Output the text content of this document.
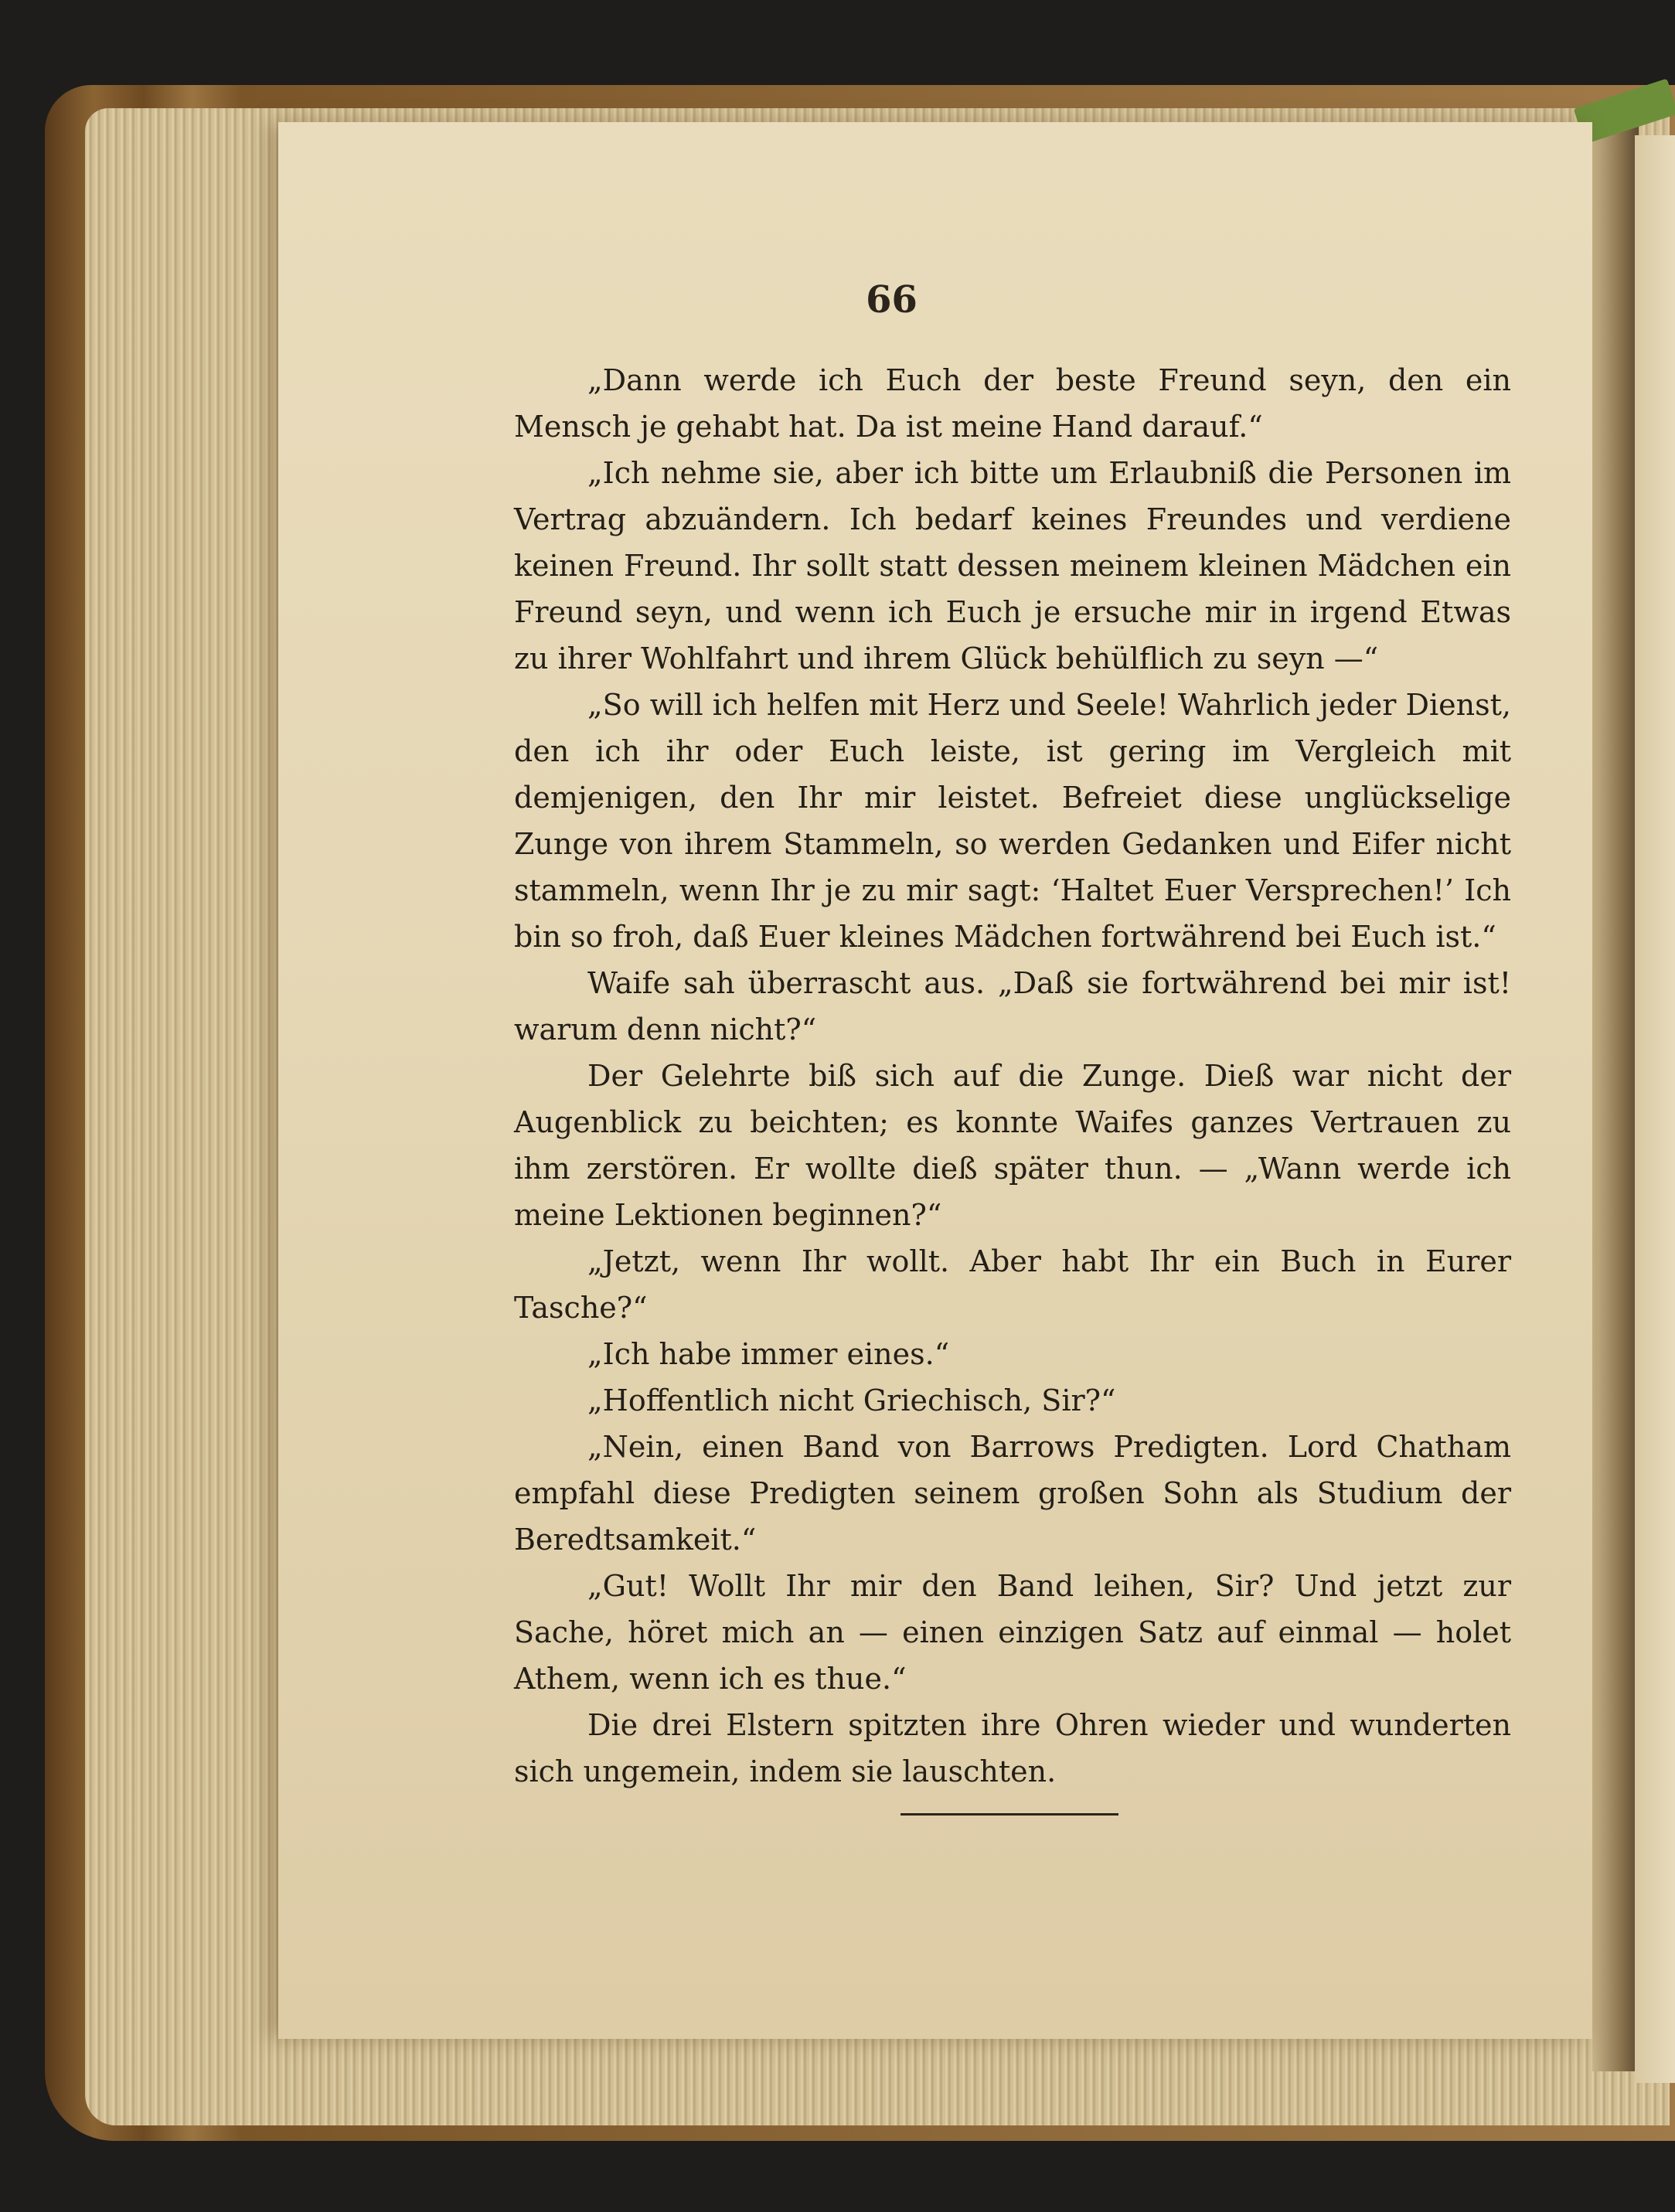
66

„Dann werde ich Euch der beste Freund seyn, den ein Mensch je gehabt hat. Da ist meine Hand darauf.“

„Ich nehme sie, aber ich bitte um Erlaubniß die Personen im Vertrag abzuändern. Ich bedarf keines Freundes und verdiene keinen Freund. Ihr sollt statt dessen meinem kleinen Mädchen ein Freund seyn, und wenn ich Euch je ersuche mir in irgend Etwas zu ihrer Wohlfahrt und ihrem Glück behülflich zu seyn —“

„So will ich helfen mit Herz und Seele! Wahrlich jeder Dienst, den ich ihr oder Euch leiste, ist gering im Vergleich mit demjenigen, den Ihr mir leistet. Befreiet diese unglückselige Zunge von ihrem Stammeln, so werden Gedanken und Eifer nicht stammeln, wenn Ihr je zu mir sagt: ‘Haltet Euer Versprechen!’ Ich bin so froh, daß Euer kleines Mädchen fortwährend bei Euch ist.“

Waife sah überrascht aus. „Daß sie fortwährend bei mir ist! warum denn nicht?“

Der Gelehrte biß sich auf die Zunge. Dieß war nicht der Augenblick zu beichten; es konnte Waifes ganzes Vertrauen zu ihm zerstören. Er wollte dieß später thun. — „Wann werde ich meine Lektionen beginnen?“

„Jetzt, wenn Ihr wollt. Aber habt Ihr ein Buch in Eurer Tasche?“

„Ich habe immer eines.“

„Hoffentlich nicht Griechisch, Sir?“

„Nein, einen Band von Barrows Predigten. Lord Chatham empfahl diese Predigten seinem großen Sohn als Studium der Beredtsamkeit.“

„Gut! Wollt Ihr mir den Band leihen, Sir? Und jetzt zur Sache, höret mich an — einen einzigen Satz auf einmal — holet Athem, wenn ich es thue.“

Die drei Elstern spitzten ihre Ohren wieder und wunderten sich ungemein, indem sie lauschten.
